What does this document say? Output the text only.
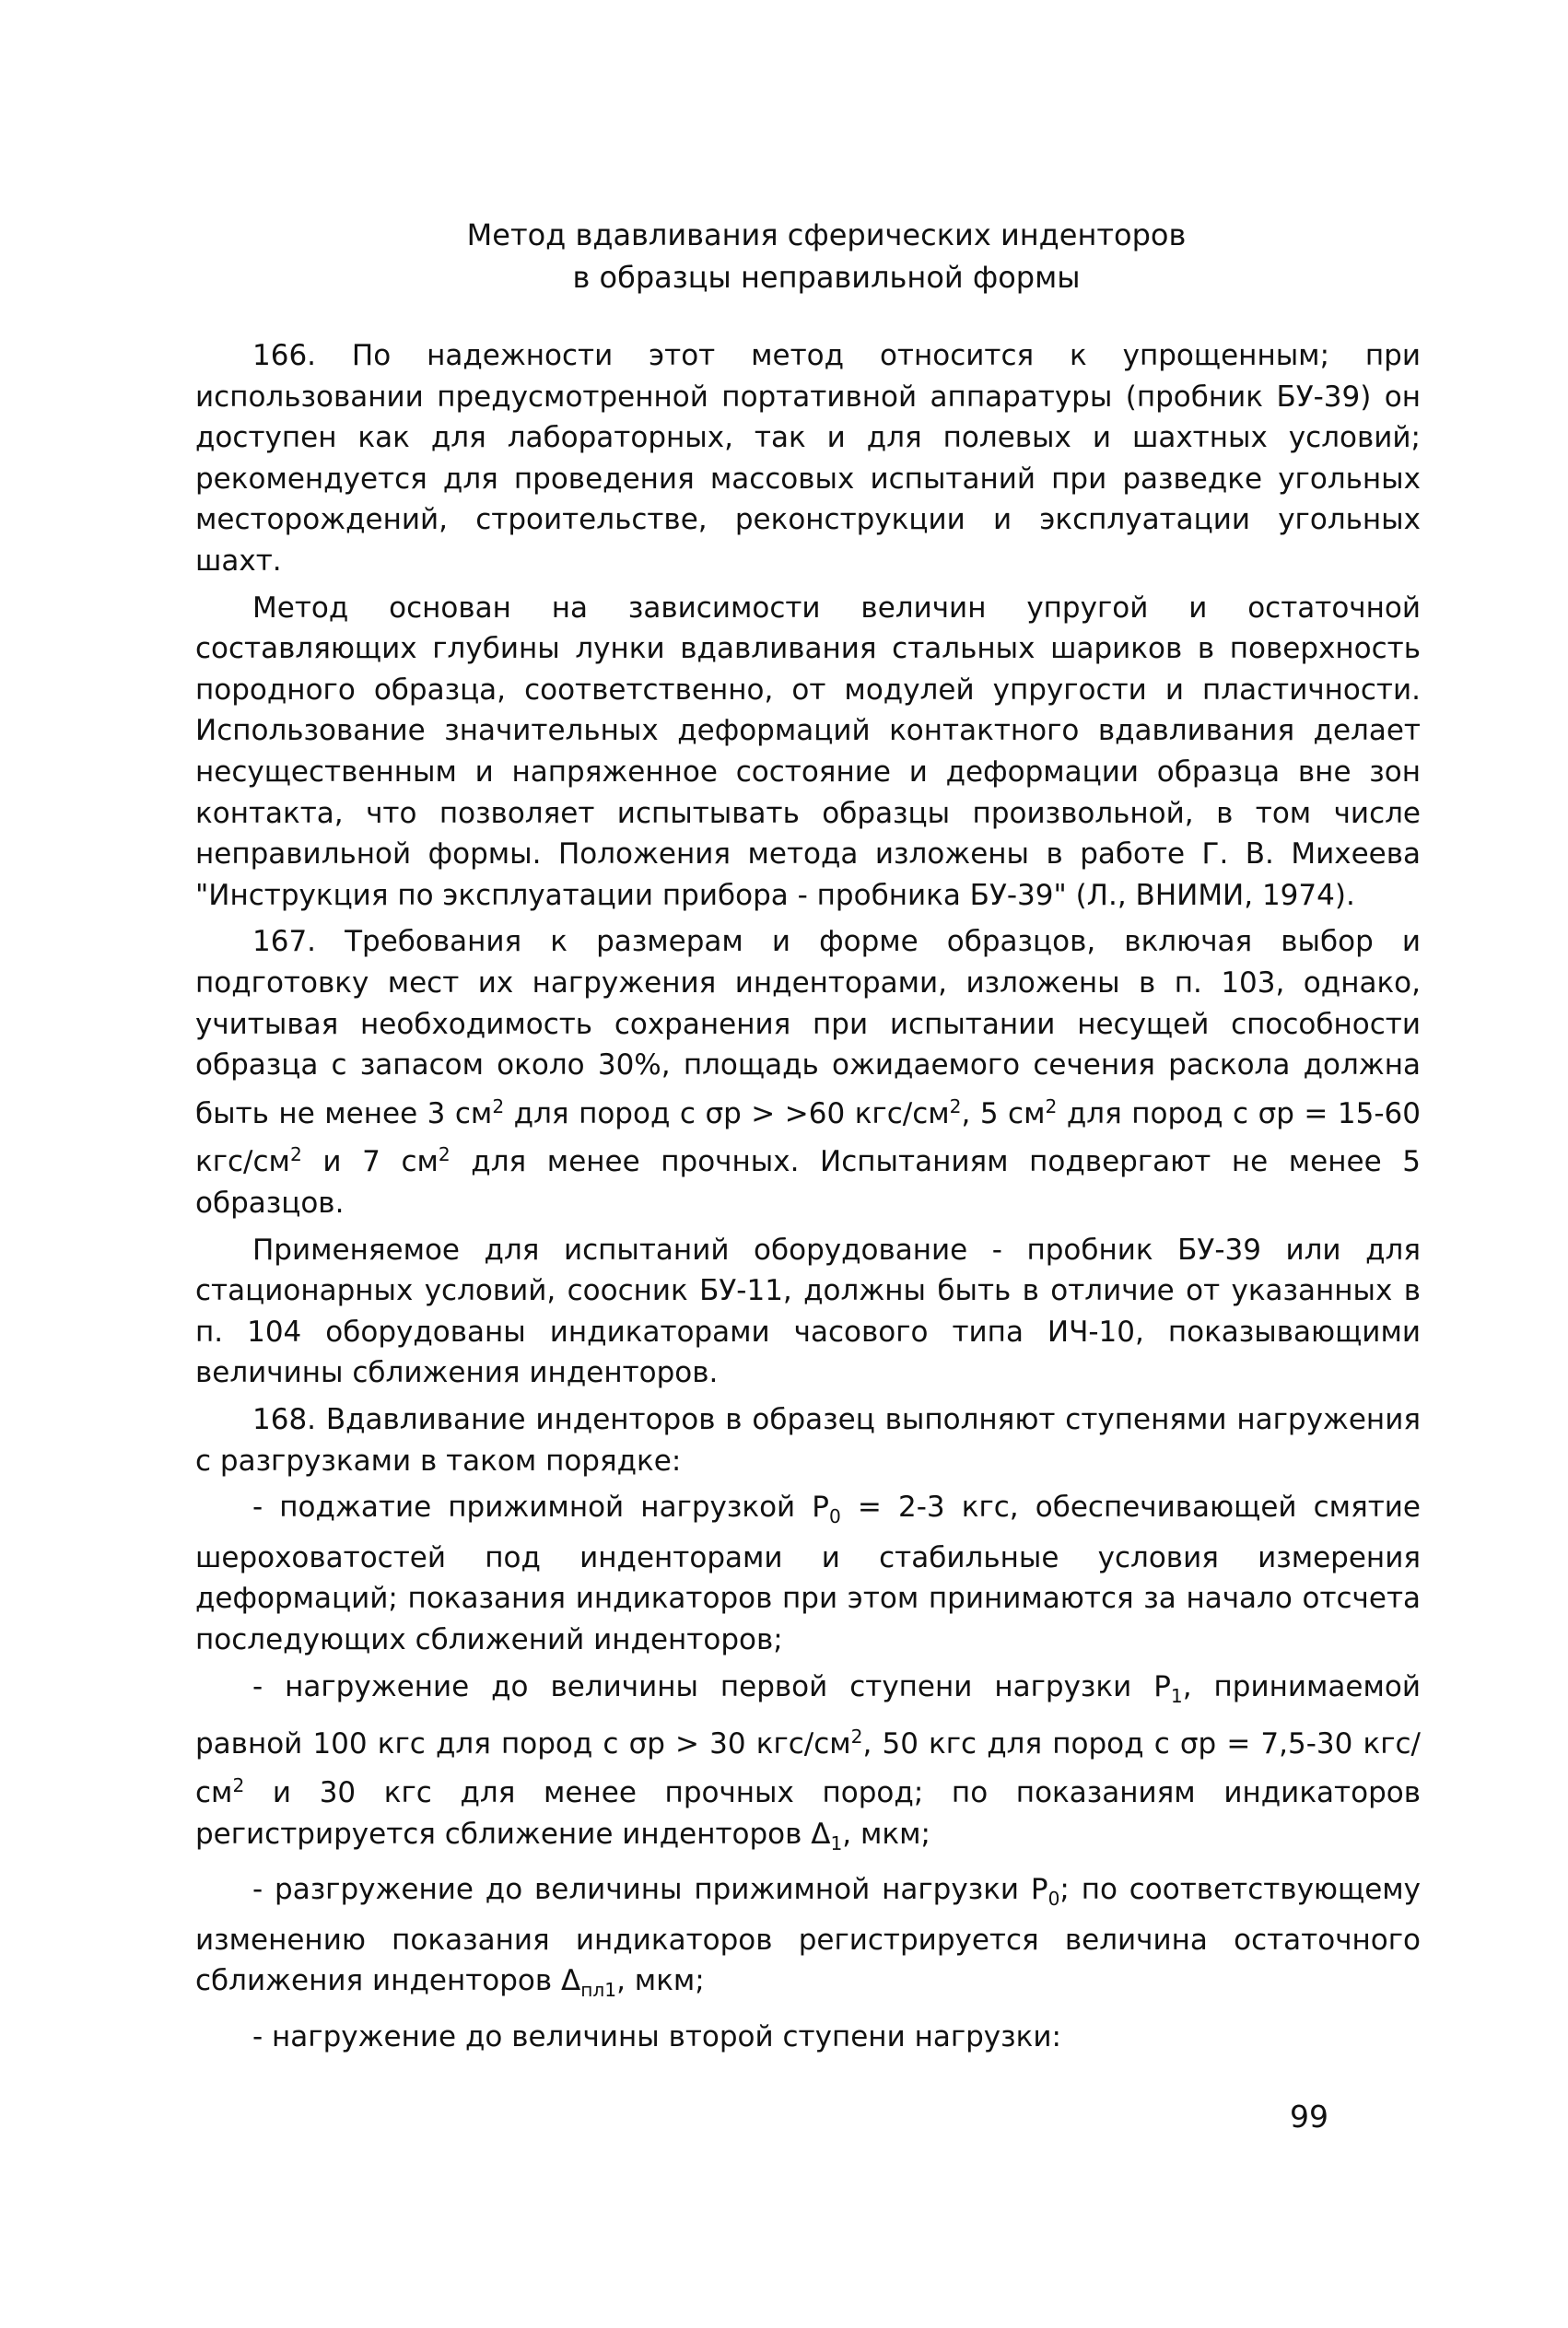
Метод вдавливания сферических инденторов
в образцы неправильной формы

166. По надежности этот метод относится к упрощенным; при использовании предусмотренной портативной аппаратуры (пробник БУ-39) он доступен как для лабораторных, так и для полевых и шахтных условий; рекомендуется для проведения массовых испытаний при разведке угольных месторождений, строительстве, реконструкции и эксплуатации угольных шахт.

Метод основан на зависимости величин упругой и остаточной составляющих глубины лунки вдавливания стальных шариков в поверхность породного образца, соответственно, от модулей упругости и пластичности. Использование значительных деформаций контактного вдавливания делает несущественным и напряженное состояние и деформации образца вне зон контакта, что позволяет испытывать образцы произвольной, в том числе неправильной формы. Положения метода изложены в работе Г. В. Михеева "Инструкция по эксплуатации прибора - пробника БУ-39" (Л., ВНИМИ, 1974).

167. Требования к размерам и форме образцов, включая выбор и подготовку мест их нагружения инденторами, изложены в п. 103, однако, учитывая необходимость сохранения при испытании несущей способности образца с запасом около 30%, площадь ожидаемого сечения раскола должна быть не менее 3 $см^2$ для пород с σp > >60 кгс/$см^2$, 5 $см^2$ для пород с σp = 15-60 кгс/$см^2$ и 7 $см^2$ для менее прочных. Испытаниям подвергают не менее 5 образцов.

Применяемое для испытаний оборудование - пробник БУ-39 или для стационарных условий, соосник БУ-11, должны быть в отличие от указанных в п. 104 оборудованы индикаторами часового типа ИЧ-10, показывающими величины сближения инденторов.

168. Вдавливание инденторов в образец выполняют ступенями нагружения с разгрузками в таком порядке:

- поджатие прижимной нагрузкой $P_0 = 2-3$ кгс, обеспечивающей смятие шероховатостей под инденторами и стабильные условия измерения деформаций; показания индикаторов при этом принимаются за начало отсчета последующих сближений инденторов;

- нагружение до величины первой ступени нагрузки $P_1$, принимаемой равной 100 кгс для пород с σp > 30 кгс/$см^2$, 50 кгс для пород с σp = 7,5-30 кгс/$см^2$ и 30 кгс для менее прочных пород; по показаниям индикаторов регистрируется сближение инденторов $\Delta_1$, мкм;

- разгружение до величины прижимной нагрузки $P_0$; по соответствующему изменению показания индикаторов регистрируется величина остаточного сближения инденторов $\Delta_{пл1}$, мкм;

- нагружение до величины второй ступени нагрузки:

99
